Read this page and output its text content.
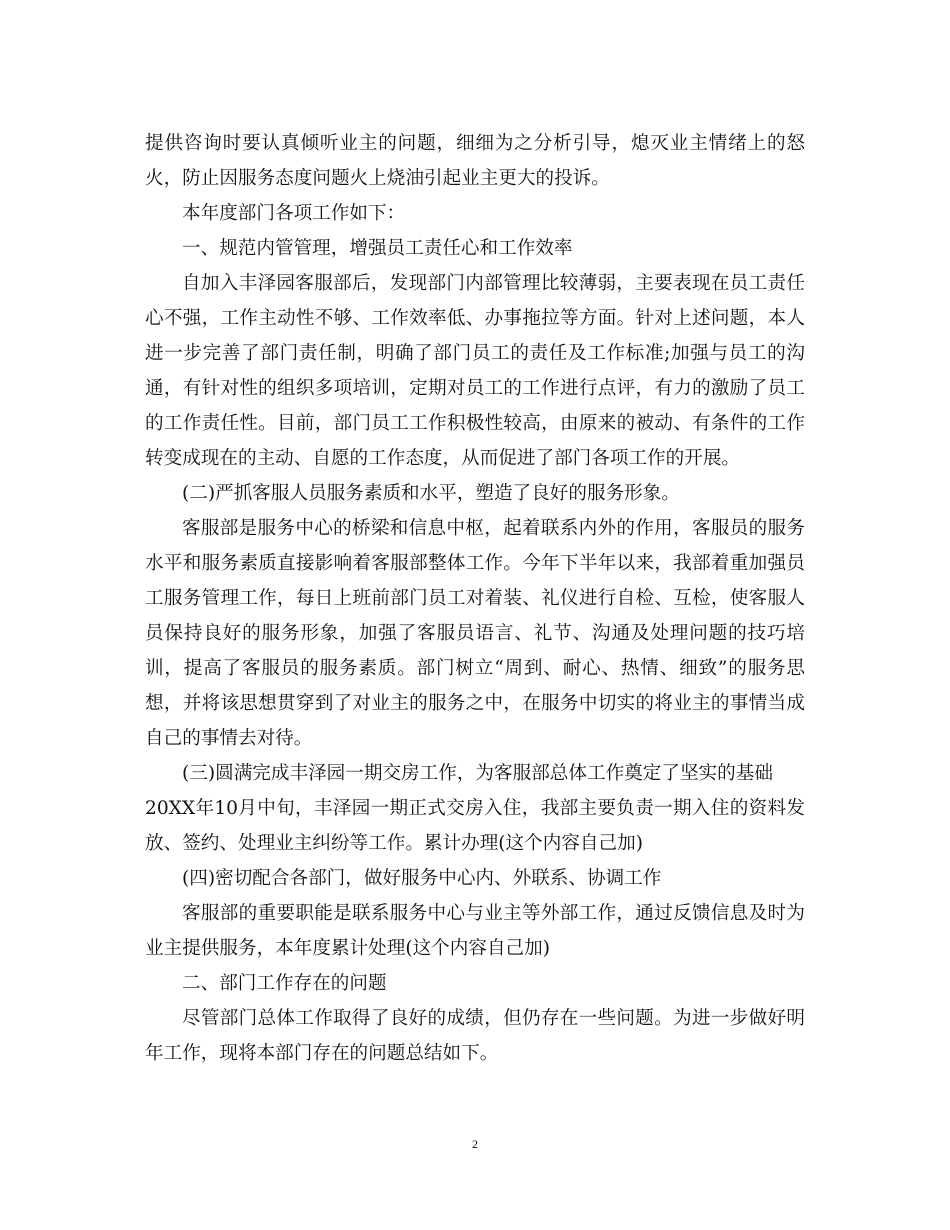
提供咨询时要认真倾听业主的问题，细细为之分析引导，熄灭业主情绪上的怒

火，防止因服务态度问题火上烧油引起业主更大的投诉。

本年度部门各项工作如下：

一、规范内管管理，增强员工责任心和工作效率

自加入丰泽园客服部后，发现部门内部管理比较薄弱，主要表现在员工责任

心不强，工作主动性不够、工作效率低、办事拖拉等方面。针对上述问题，本人

进一步完善了部门责任制，明确了部门员工的责任及工作标准;加强与员工的沟

通，有针对性的组织多项培训，定期对员工的工作进行点评，有力的激励了员工

的工作责任性。目前，部门员工工作积极性较高，由原来的被动、有条件的工作

转变成现在的主动、自愿的工作态度，从而促进了部门各项工作的开展。

(二)严抓客服人员服务素质和水平，塑造了良好的服务形象。

客服部是服务中心的桥梁和信息中枢，起着联系内外的作用，客服员的服务

水平和服务素质直接影响着客服部整体工作。今年下半年以来，我部着重加强员

工服务管理工作，每日上班前部门员工对着装、礼仪进行自检、互检，使客服人

员保持良好的服务形象，加强了客服员语言、礼节、沟通及处理问题的技巧培

训，提高了客服员的服务素质。部门树立“周到、耐心、热情、细致”的服务思

想，并将该思想贯穿到了对业主的服务之中，在服务中切实的将业主的事情当成

自己的事情去对待。

(三)圆满完成丰泽园一期交房工作，为客服部总体工作奠定了坚实的基础

20XX年10月中旬，丰泽园一期正式交房入住，我部主要负责一期入住的资料发

放、签约、处理业主纠纷等工作。累计办理(这个内容自己加)

(四)密切配合各部门，做好服务中心内、外联系、协调工作

客服部的重要职能是联系服务中心与业主等外部工作，通过反馈信息及时为

业主提供服务，本年度累计处理(这个内容自己加)

二、部门工作存在的问题

尽管部门总体工作取得了良好的成绩，但仍存在一些问题。为进一步做好明

年工作，现将本部门存在的问题总结如下。

2
